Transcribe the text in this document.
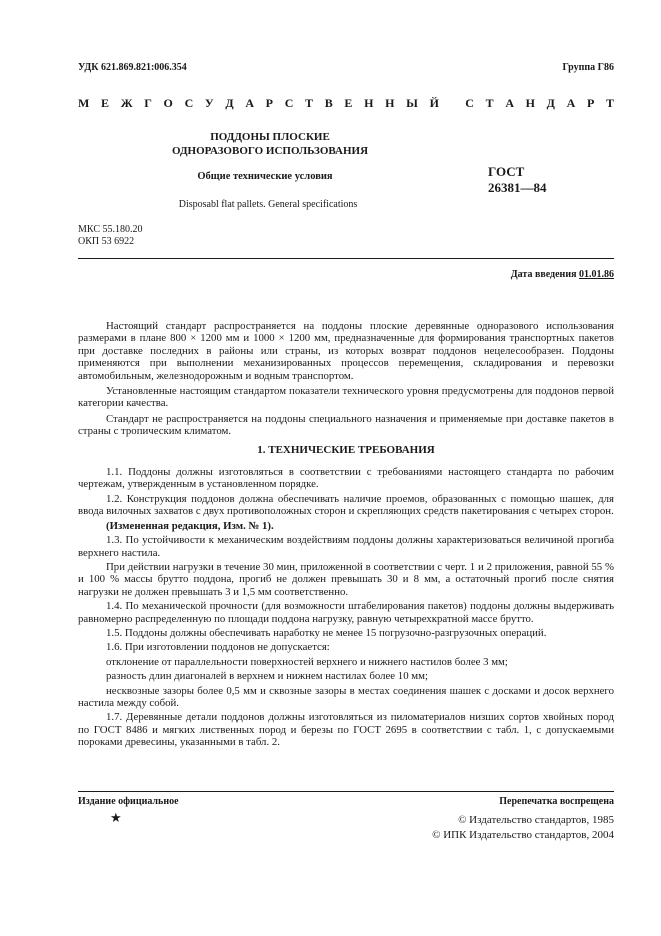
УДК 621.869.821:006.354	Группа Г86
М Е Ж Г О С У Д А Р С Т В Е Н Н Ы Й
С Т А Н Д А Р Т
ПОДДОНЫ ПЛОСКИЕ
ОДНОРАЗОВОГО ИСПОЛЬЗОВАНИЯ
Общие технические условия
Disposabl flat pallets. General specifications
ГОСТ
26381—84
МКС 55.180.20
ОКП 53 6922
Дата введения 01.01.86

Настоящий стандарт распространяется на поддоны плоские деревянные одноразового использования размерами в плане 800 × 1200 мм и 1000 × 1200 мм, предназначенные для формирования транспортных пакетов при доставке последних в районы или страны, из которых возврат поддонов нецелесообразен. Поддоны применяются при выполнении механизированных процессов перемещения, складирования и перевозки автомобильным, железнодорожным и водным транспортом.

Установленные настоящим стандартом показатели технического уровня предусмотрены для поддонов первой категории качества.

Стандарт не распространяется на поддоны специального назначения и применяемые при доставке пакетов в страны с тропическим климатом.

1. ТЕХНИЧЕСКИЕ ТРЕБОВАНИЯ

1.1. Поддоны должны изготовляться в соответствии с требованиями настоящего стандарта по рабочим чертежам, утвержденным в установленном порядке.

1.2. Конструкция поддонов должна обеспечивать наличие проемов, образованных с помощью шашек, для ввода вилочных захватов с двух противоположных сторон и скрепляющих средств пакетирования с четырех сторон.

(Измененная редакция, Изм. № 1).

1.3. По устойчивости к механическим воздействиям поддоны должны характеризоваться величиной прогиба верхнего настила.

При действии нагрузки в течение 30 мин, приложенной в соответствии с черт. 1 и 2 приложения, равной 55 % и 100 % массы брутто поддона, прогиб не должен превышать 30 и 8 мм, а остаточный прогиб после снятия нагрузки не должен превышать 3 и 1,5 мм соответственно.

1.4. По механической прочности (для возможности штабелирования пакетов) поддоны должны выдерживать равномерно распределенную по площади поддона нагрузку, равную четырехкратной массе брутто.

1.5. Поддоны должны обеспечивать наработку не менее 15 погрузочно-разгрузочных операций.

1.6. При изготовлении поддонов не допускается:

отклонение от параллельности поверхностей верхнего и нижнего настилов более 3 мм;

разность длин диагоналей в верхнем и нижнем настилах более 10 мм;

несквозные зазоры более 0,5 мм и сквозные зазоры в местах соединения шашек с досками и досок верхнего настила между собой.

1.7. Деревянные детали поддонов должны изготовляться из пиломатериалов низших сортов хвойных пород по ГОСТ 8486 и мягких лиственных пород и березы по ГОСТ 2695 в соответствии с табл. 1, с допускаемыми пороками древесины, указанными в табл. 2.

Издание официальное	Перепечатка воспрещена
★	© Издательство стандартов, 1985
© ИПК Издательство стандартов, 2004
